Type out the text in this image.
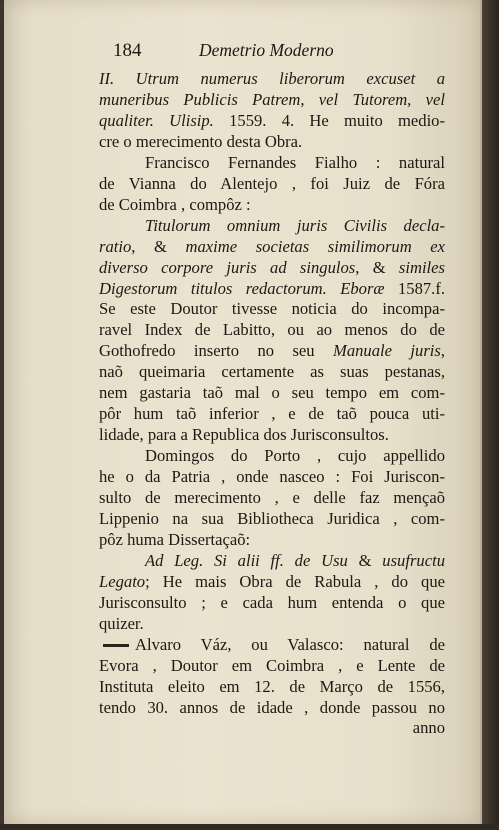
184	Demetrio Moderno
II. Utrum numerus liberorum excuset a
muneribus Publicis Patrem, vel Tutorem, vel
qualiter. Ulisip. 1559. 4. He muito medio-
cre o merecimento desta Obra.
Francisco Fernandes Fialho : natural
de Vianna do Alentejo , foi Juiz de Fóra
de Coimbra , compôz :
Titulorum omnium juris Civilis decla-
ratio, & maxime societas similimorum ex
diverso corpore juris ad singulos, & similes
Digestorum titulos redactorum. Eboræ 1587.f.
Se este Doutor tivesse noticia do incompa-
ravel Index de Labitto, ou ao menos do de
Gothofredo inserto no seu Manuale juris,
naõ queimaria certamente as suas pestanas,
nem gastaria taõ mal o seu tempo em com-
pôr hum taõ inferior , e de taõ pouca uti-
lidade, para a Republica dos Jurisconsultos.
Domingos do Porto , cujo appellido
he o da Patria , onde nasceo : Foi Juriscon-
sulto de merecimento , e delle faz mençaõ
Lippenio na sua Bibliotheca Juridica , com-
pôz huma Dissertaçaõ:
Ad Leg. Si alii ff. de Usu & usufructu
Legato; He mais Obra de Rabula , do que
Jurisconsulto ; e cada hum entenda o que
quizer.
Alvaro Váz, ou Valasco: natural de
Evora , Doutor em Coimbra , e Lente de
Instituta eleito em 12. de Março de 1556,
tendo 30. annos de idade , donde passou no
anno
